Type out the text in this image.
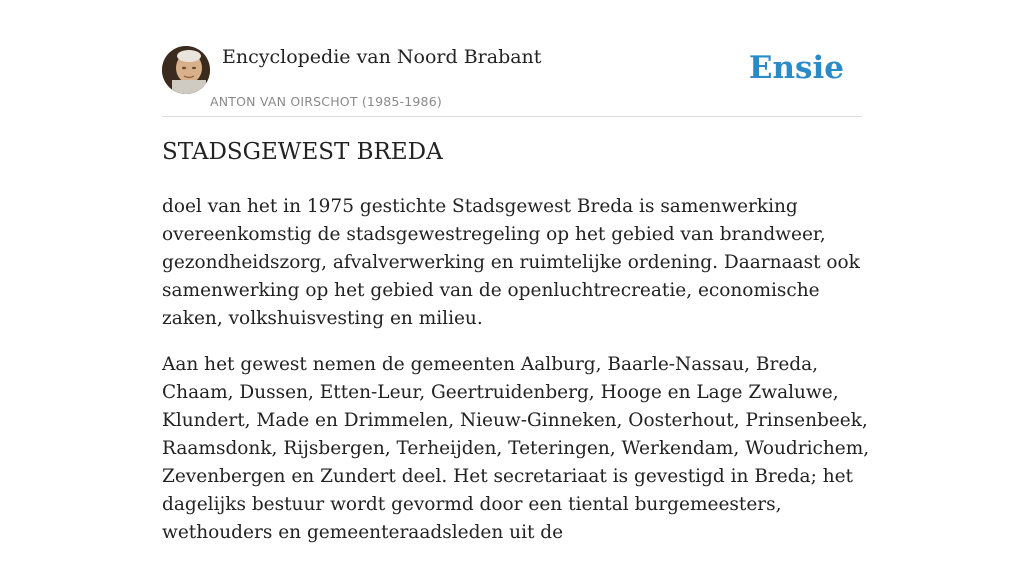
Encyclopedie van Noord Brabant
ANTON VAN OIRSCHOT (1985-1986)
Ensie
STADSGEWEST BREDA

doel van het in 1975 gestichte Stadsgewest Breda is samenwerking overeenkomstig de stadsgewestregeling op het gebied van brandweer, gezondheidszorg, afvalverwerking en ruimtelijke ordening. Daarnaast ook samenwerking op het gebied van de openluchtrecreatie, economische zaken, volkshuisvesting en milieu.

Aan het gewest nemen de gemeenten Aalburg, Baarle-Nassau, Breda, Chaam, Dussen, Etten-Leur, Geertruidenberg, Hooge en Lage Zwaluwe, Klundert, Made en Drimmelen, Nieuw-Ginneken, Oosterhout, Prinsenbeek, Raamsdonk, Rijsbergen, Terheijden, Teteringen, Werkendam, Woudrichem, Zevenbergen en Zundert deel. Het secretariaat is gevestigd in Breda; het dagelijks bestuur wordt gevormd door een tiental burgemeesters, wethouders en gemeenteraadsleden uit de
